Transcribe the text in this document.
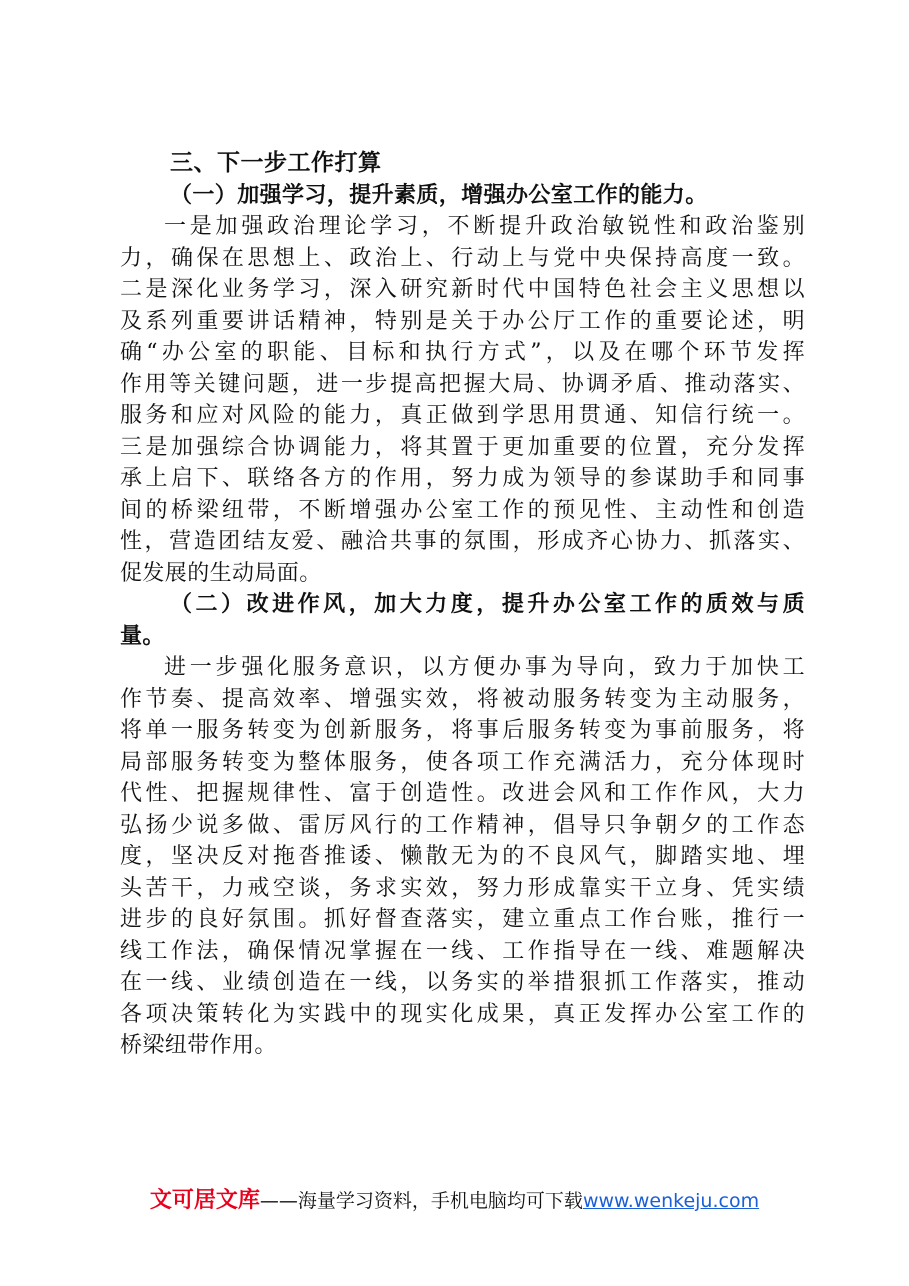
三、下一步工作打算
（一）加强学习，提升素质，增强办公室工作的能力。
一是加强政治理论学习，不断提升政治敏锐性和政治鉴别
力，确保在思想上、政治上、行动上与党中央保持高度一致。
二是深化业务学习，深入研究新时代中国特色社会主义思想以
及系列重要讲话精神，特别是关于办公厅工作的重要论述，明
确“办公室的职能、目标和执行方式”，以及在哪个环节发挥
作用等关键问题，进一步提高把握大局、协调矛盾、推动落实、
服务和应对风险的能力，真正做到学思用贯通、知信行统一。
三是加强综合协调能力，将其置于更加重要的位置，充分发挥
承上启下、联络各方的作用，努力成为领导的参谋助手和同事
间的桥梁纽带，不断增强办公室工作的预见性、主动性和创造
性，营造团结友爱、融洽共事的氛围，形成齐心协力、抓落实、
促发展的生动局面。
（二）改进作风，加大力度，提升办公室工作的质效与质
量。
进一步强化服务意识，以方便办事为导向，致力于加快工
作节奏、提高效率、增强实效，将被动服务转变为主动服务，
将单一服务转变为创新服务，将事后服务转变为事前服务，将
局部服务转变为整体服务，使各项工作充满活力，充分体现时
代性、把握规律性、富于创造性。改进会风和工作作风，大力
弘扬少说多做、雷厉风行的工作精神，倡导只争朝夕的工作态
度，坚决反对拖沓推诿、懒散无为的不良风气，脚踏实地、埋
头苦干，力戒空谈，务求实效，努力形成靠实干立身、凭实绩
进步的良好氛围。抓好督查落实，建立重点工作台账，推行一
线工作法，确保情况掌握在一线、工作指导在一线、难题解决
在一线、业绩创造在一线，以务实的举措狠抓工作落实，推动
各项决策转化为实践中的现实化成果，真正发挥办公室工作的
桥梁纽带作用。
文可居文库——海量学习资料，手机电脑均可下载www.wenkeju.com
